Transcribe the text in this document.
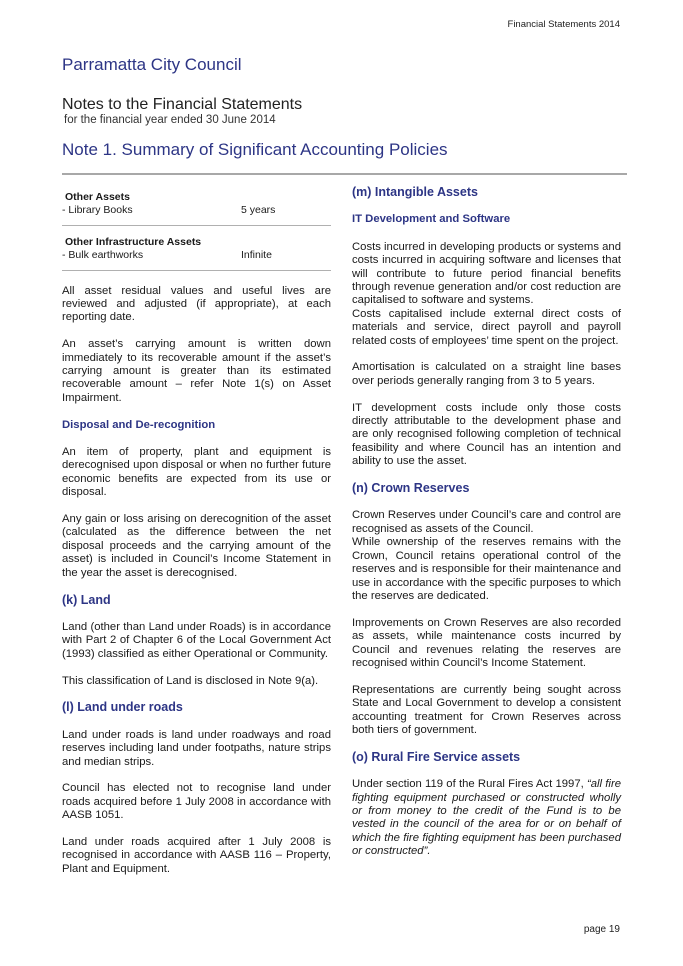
Financial Statements 2014
Parramatta City Council
Notes to the Financial Statements
for the financial year ended 30 June 2014
Note 1. Summary of Significant Accounting Policies
Other Assets
- Library Books	5 years
Other Infrastructure Assets
- Bulk earthworks	Infinite

All asset residual values and useful lives are reviewed and adjusted (if appropriate), at each reporting date.

An asset’s carrying amount is written down immediately to its recoverable amount if the asset’s carrying amount is greater than its estimated recoverable amount – refer Note 1(s) on Asset Impairment.

Disposal and De-recognition

An item of property, plant and equipment is derecognised upon disposal or when no further future economic benefits are expected from its use or disposal.

Any gain or loss arising on derecognition of the asset (calculated as the difference between the net disposal proceeds and the carrying amount of the asset) is included in Council’s Income Statement in the year the asset is derecognised.

(k) Land

Land (other than Land under Roads) is in accordance with Part 2 of Chapter 6 of the Local Government Act (1993) classified as either Operational or Community.

This classification of Land is disclosed in Note 9(a).

(l) Land under roads

Land under roads is land under roadways and road reserves including land under footpaths, nature strips and median strips.

Council has elected not to recognise land under roads acquired before 1 July 2008 in accordance with AASB 1051.

Land under roads acquired after 1 July 2008 is recognised in accordance with AASB 116 – Property, Plant and Equipment.

(m) Intangible Assets
IT Development and Software

Costs incurred in developing products or systems and costs incurred in acquiring software and licenses that will contribute to future period financial benefits through revenue generation and/or cost reduction are capitalised to software and systems.

Costs capitalised include external direct costs of materials and service, direct payroll and payroll related costs of employees’ time spent on the project.

Amortisation is calculated on a straight line bases over periods generally ranging from 3 to 5 years.

IT development costs include only those costs directly attributable to the development phase and are only recognised following completion of technical feasibility and where Council has an intention and ability to use the asset.

(n) Crown Reserves

Crown Reserves under Council’s care and control are recognised as assets of the Council.

While ownership of the reserves remains with the Crown, Council retains operational control of the reserves and is responsible for their maintenance and use in accordance with the specific purposes to which the reserves are dedicated.

Improvements on Crown Reserves are also recorded as assets, while maintenance costs incurred by Council and revenues relating the reserves are recognised within Council’s Income Statement.

Representations are currently being sought across State and Local Government to develop a consistent accounting treatment for Crown Reserves across both tiers of government.

(o) Rural Fire Service assets

Under section 119 of the Rural Fires Act 1997, “all fire fighting equipment purchased or constructed wholly or from money to the credit of the Fund is to be vested in the council of the area for or on behalf of which the fire fighting equipment has been purchased or constructed”.

page 19
